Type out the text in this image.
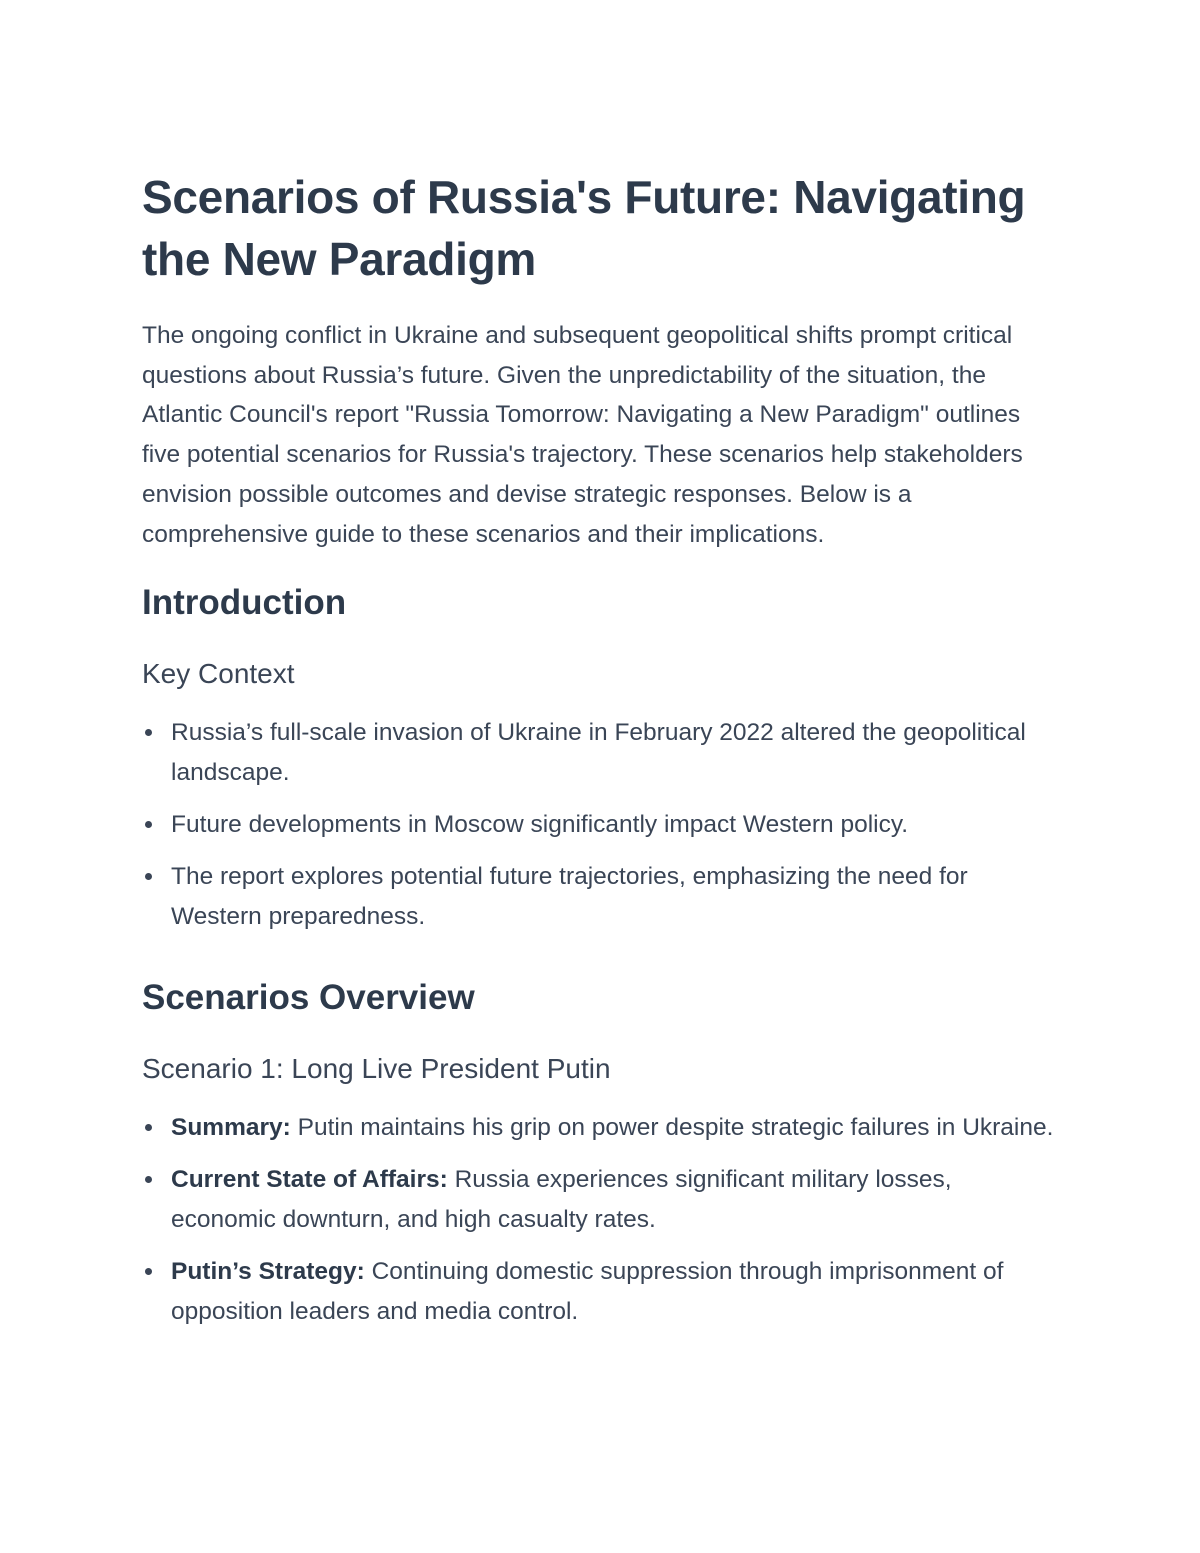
Scenarios of Russia's Future: Navigating the New Paradigm

The ongoing conflict in Ukraine and subsequent geopolitical shifts prompt critical questions about Russia’s future. Given the unpredictability of the situation, the Atlantic Council's report "Russia Tomorrow: Navigating a New Paradigm" outlines five potential scenarios for Russia's trajectory. These scenarios help stakeholders envision possible outcomes and devise strategic responses. Below is a comprehensive guide to these scenarios and their implications.

Introduction
Key Context
Russia’s full-scale invasion of Ukraine in February 2022 altered the geopolitical landscape.
Future developments in Moscow significantly impact Western policy.
The report explores potential future trajectories, emphasizing the need for Western preparedness.
Scenarios Overview
Scenario 1: Long Live President Putin
Summary: Putin maintains his grip on power despite strategic failures in Ukraine.
Current State of Affairs: Russia experiences significant military losses, economic downturn, and high casualty rates.
Putin’s Strategy: Continuing domestic suppression through imprisonment of opposition leaders and media control.
